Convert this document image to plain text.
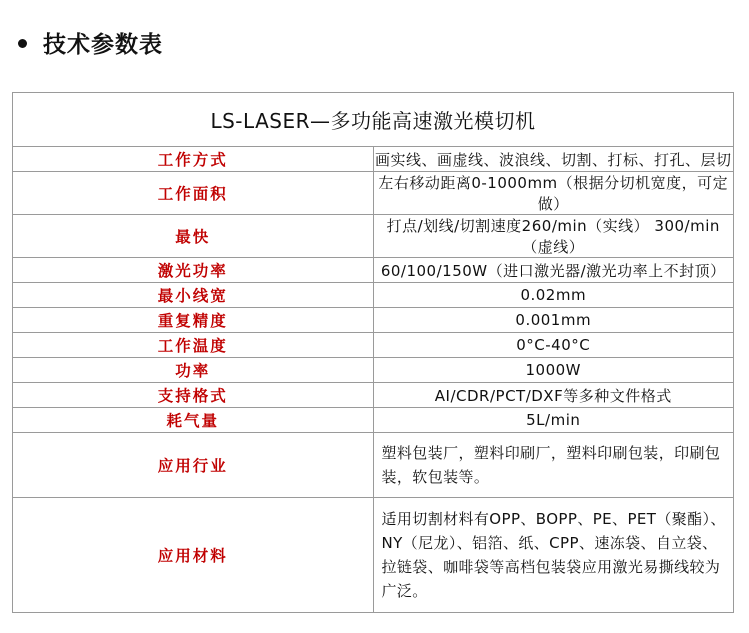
技术参数表
LS-LASER—多功能高速激光模切机	
工作方式	画实线、画虚线、波浪线、切割、打标、打孔、层切
工作面积	左右移动距离0-1000mm（根据分切机宽度，可定做）
最快	打点/划线/切割速度260/min（实线） 300/min（虚线）
激光功率	60/100/150W（进口激光器/激光功率上不封顶）
最小线宽	0.02mm
重复精度	0.001mm
工作温度	0°C-40°C
功率	1000W
支持格式	AI/CDR/PCT/DXF等多种文件格式
耗气量	5L/min
应用行业	塑料包装厂，塑料印刷厂，塑料印刷包装，印刷包装，软包装等。
应用材料	适用切割材料有OPP、BOPP、PE、PET（聚酯）、NY（尼龙）、铝箔、纸、CPP、速冻袋、自立袋、拉链袋、咖啡袋等高档包装袋应用激光易撕线较为广泛。
